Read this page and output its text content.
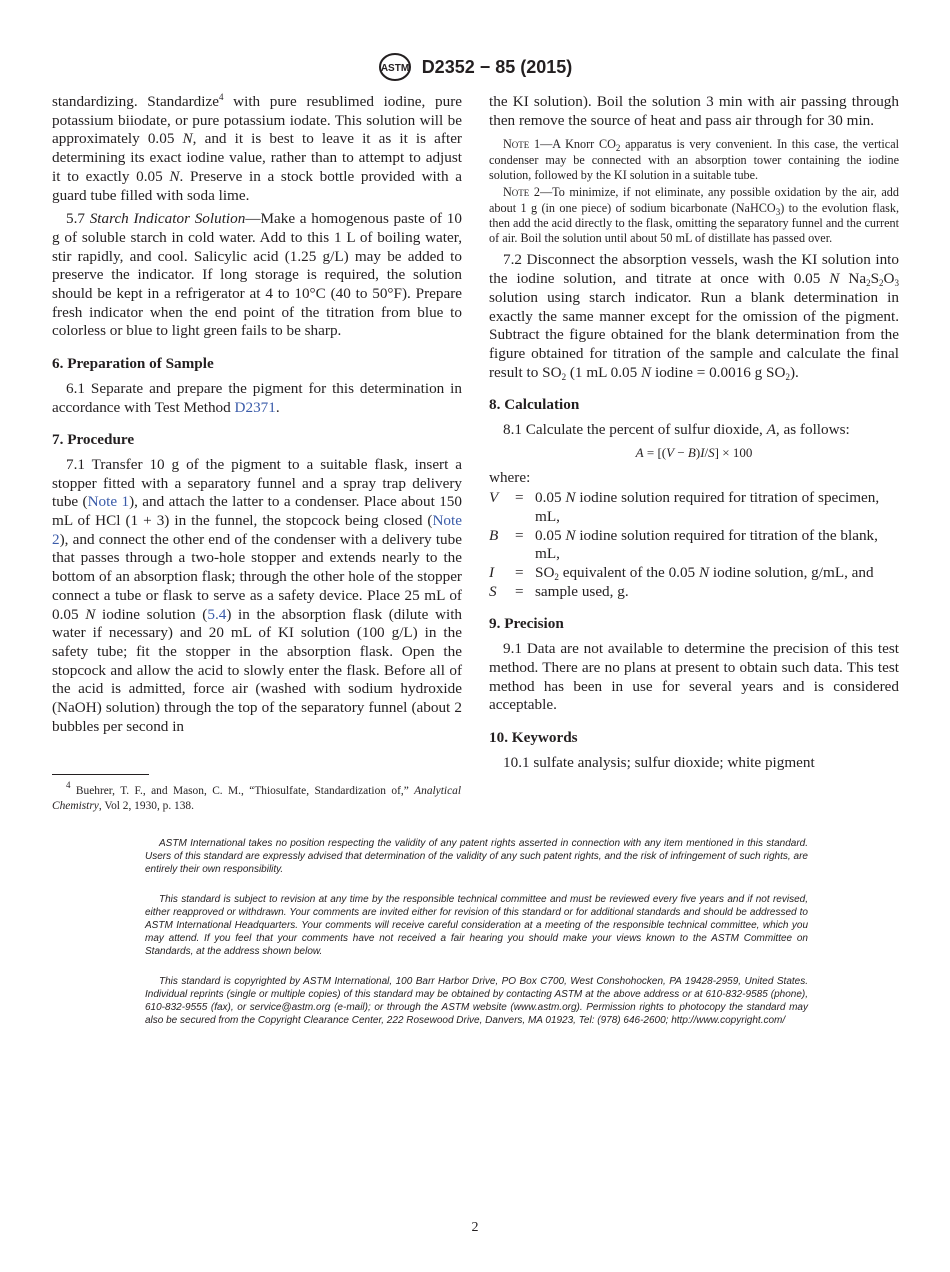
ASTM D2352 − 85 (2015)

standardizing. Standardize$^4$ with pure resublimed iodine, pure potassium biiodate, or pure potassium iodate. This solution will be approximately 0.05 N, and it is best to leave it as it is after determining its exact iodine value, rather than to attempt to adjust it to exactly 0.05 N. Preserve in a stock bottle provided with a guard tube filled with soda lime.

5.7 Starch Indicator Solution—Make a homogenous paste of 10 g of soluble starch in cold water. Add to this 1 L of boiling water, stir rapidly, and cool. Salicylic acid (1.25 g/L) may be added to preserve the indicator. If long storage is required, the solution should be kept in a refrigerator at 4 to 10°C (40 to 50°F). Prepare fresh indicator when the end point of the titration from blue to colorless or blue to light green fails to be sharp.

6. Preparation of Sample

6.1 Separate and prepare the pigment for this determination in accordance with Test Method D2371.

7. Procedure

7.1 Transfer 10 g of the pigment to a suitable flask, insert a stopper fitted with a separatory funnel and a spray trap delivery tube (Note 1), and attach the latter to a condenser. Place about 150 mL of HCl (1 + 3) in the funnel, the stopcock being closed (Note 2), and connect the other end of the condenser with a delivery tube that passes through a two-hole stopper and extends nearly to the bottom of an absorption flask; through the other hole of the stopper connect a tube or flask to serve as a safety device. Place 25 mL of 0.05 N iodine solution (5.4) in the absorption flask (dilute with water if necessary) and 20 mL of KI solution (100 g/L) in the safety tube; fit the stopper in the absorption flask. Open the stopcock and allow the acid to slowly enter the flask. Before all of the acid is admitted, force air (washed with sodium hydroxide (NaOH) solution) through the top of the separatory funnel (about 2 bubbles per second in

$^4$ Buehrer, T. F., and Mason, C. M., “Thiosulfate, Standardization of,” Analytical Chemistry, Vol 2, 1930, p. 138.

the KI solution). Boil the solution 3 min with air passing through then remove the source of heat and pass air through for 30 min.

Note 1—A Knorr $CO_2$ apparatus is very convenient. In this case, the vertical condenser may be connected with an absorption tower containing the iodine solution, followed by the KI solution in a suitable tube.

Note 2—To minimize, if not eliminate, any possible oxidation by the air, add about 1 g (in one piece) of sodium bicarbonate (NaHCO$_3$) to the evolution flask, then add the acid directly to the flask, omitting the separatory funnel and the current of air. Boil the solution until about 50 mL of distillate has passed over.

7.2 Disconnect the absorption vessels, wash the KI solution into the iodine solution, and titrate at once with 0.05 N $Na_2S_2O_3$ solution using starch indicator. Run a blank determination in exactly the same manner except for the omission of the pigment. Subtract the figure obtained for the blank determination from the figure obtained for titration of the sample and calculate the final result to $SO_2$ (1 mL 0.05 N iodine = 0.0016 g $SO_2$).

8. Calculation

8.1 Calculate the percent of sulfur dioxide, A, as follows:

A = [(V − B)I/S] × 100

where:

V	= 0.05 N iodine solution required for titration of specimen, mL,
B	= 0.05 N iodine solution required for titration of the blank, mL,
I	= $SO_2$ equivalent of the 0.05 N iodine solution, g/mL, and
S	= sample used, g.
9. Precision

9.1 Data are not available to determine the precision of this test method. There are no plans at present to obtain such data. This test method has been in use for several years and is considered acceptable.

10. Keywords

10.1 sulfate analysis; sulfur dioxide; white pigment

ASTM International takes no position respecting the validity of any patent rights asserted in connection with any item mentioned in this standard. Users of this standard are expressly advised that determination of the validity of any such patent rights, and the risk of infringement of such rights, are entirely their own responsibility.

This standard is subject to revision at any time by the responsible technical committee and must be reviewed every five years and if not revised, either reapproved or withdrawn. Your comments are invited either for revision of this standard or for additional standards and should be addressed to ASTM International Headquarters. Your comments will receive careful consideration at a meeting of the responsible technical committee, which you may attend. If you feel that your comments have not received a fair hearing you should make your views known to the ASTM Committee on Standards, at the address shown below.

This standard is copyrighted by ASTM International, 100 Barr Harbor Drive, PO Box C700, West Conshohocken, PA 19428-2959, United States. Individual reprints (single or multiple copies) of this standard may be obtained by contacting ASTM at the above address or at 610-832-9585 (phone), 610-832-9555 (fax), or service@astm.org (e-mail); or through the ASTM website (www.astm.org). Permission rights to photocopy the standard may also be secured from the Copyright Clearance Center, 222 Rosewood Drive, Danvers, MA 01923, Tel: (978) 646-2600; http://www.copyright.com/

2
